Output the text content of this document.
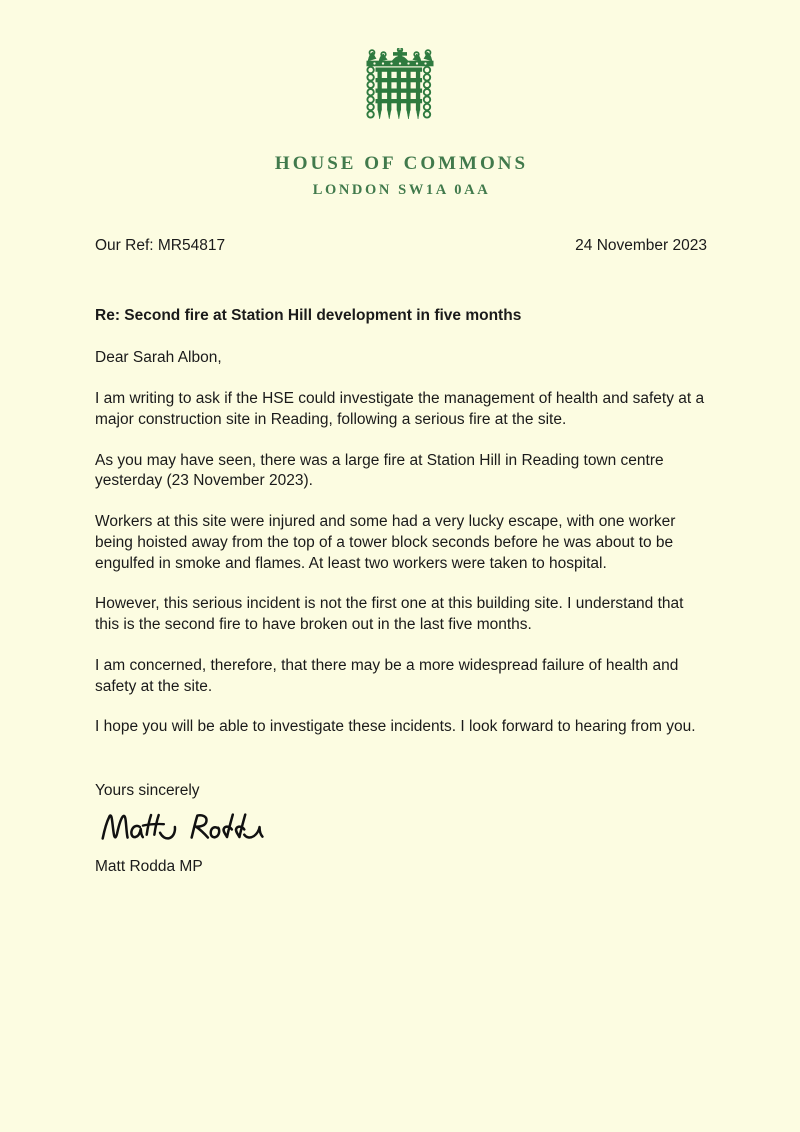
HOUSE OF COMMONS
LONDON SW1A 0AA
Our Ref: MR54817	24 November 2023
Re: Second fire at Station Hill development in five months
Dear Sarah Albon,

I am writing to ask if the HSE could investigate the management of health and safety at a major construction site in Reading, following a serious fire at the site.

As you may have seen, there was a large fire at Station Hill in Reading town centre yesterday (23 November 2023).

Workers at this site were injured and some had a very lucky escape, with one worker being hoisted away from the top of a tower block seconds before he was about to be engulfed in smoke and flames. At least two workers were taken to hospital.

However, this serious incident is not the first one at this building site. I understand that this is the second fire to have broken out in the last five months.

I am concerned, therefore, that there may be a more widespread failure of health and safety at the site.

I hope you will be able to investigate these incidents. I look forward to hearing from you.

Yours sincerely
Matt Rodda MP
